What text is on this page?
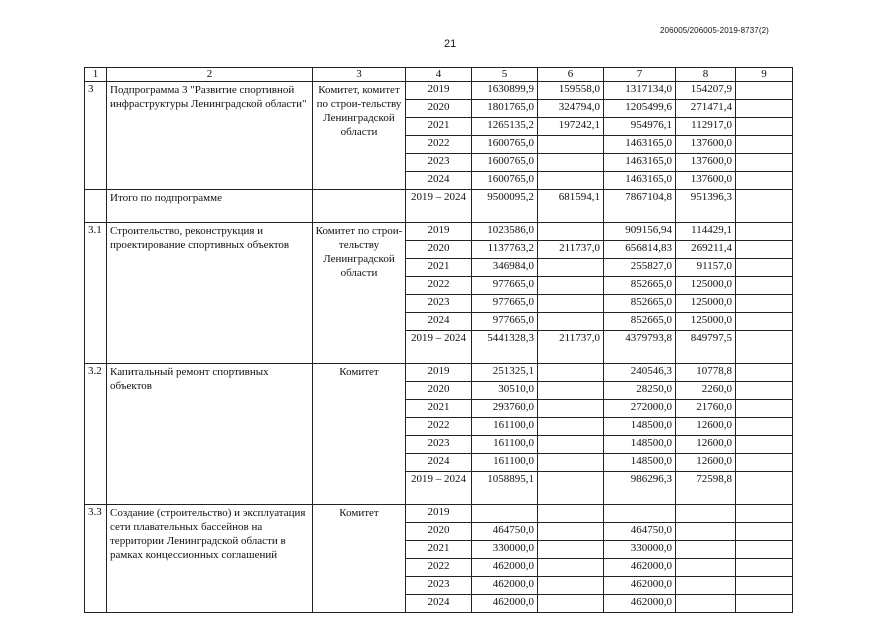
206005/206005-2019-8737(2)
21
1	2	3	4	5	6	7	8	9
3	Подпрограмма 3 "Развитие спортивной инфраструктуры Ленинградской области"	Комитет, комитет по строи-тельству Ленинградской области	2019	1630899,9	159558,0	1317134,0	154207,9	
			2020	1801765,0	324794,0	1205499,6	271471,4	
			2021	1265135,2	197242,1	954976,1	112917,0	
			2022	1600765,0		1463165,0	137600,0	
			2023	1600765,0		1463165,0	137600,0	
			2024	1600765,0		1463165,0	137600,0	
	Итого по подпрограмме		2019 – 2024	9500095,2	681594,1	7867104,8	951396,3	
3.1	Строительство, реконструкция и проектирование спортивных объектов	Комитет по строи-тельству Ленинградской области	2019	1023586,0		909156,94	114429,1	
			2020	1137763,2	211737,0	656814,83	269211,4	
			2021	346984,0		255827,0	91157,0	
			2022	977665,0		852665,0	125000,0	
			2023	977665,0		852665,0	125000,0	
			2024	977665,0		852665,0	125000,0	
			2019 – 2024	5441328,3	211737,0	4379793,8	849797,5	
3.2	Капитальный ремонт спортивных объектов	Комитет	2019	251325,1		240546,3	10778,8	
			2020	30510,0		28250,0	2260,0	
			2021	293760,0		272000,0	21760,0	
			2022	161100,0		148500,0	12600,0	
			2023	161100,0		148500,0	12600,0	
			2024	161100,0		148500,0	12600,0	
			2019 – 2024	1058895,1		986296,3	72598,8	
3.3	Создание (строительство) и эксплуатация сети плавательных бассейнов на территории Ленинградской области в рамках концессионных соглашений	Комитет	2019					
			2020	464750,0		464750,0		
			2021	330000,0		330000,0		
			2022	462000,0		462000,0		
			2023	462000,0		462000,0		
			2024	462000,0		462000,0		
